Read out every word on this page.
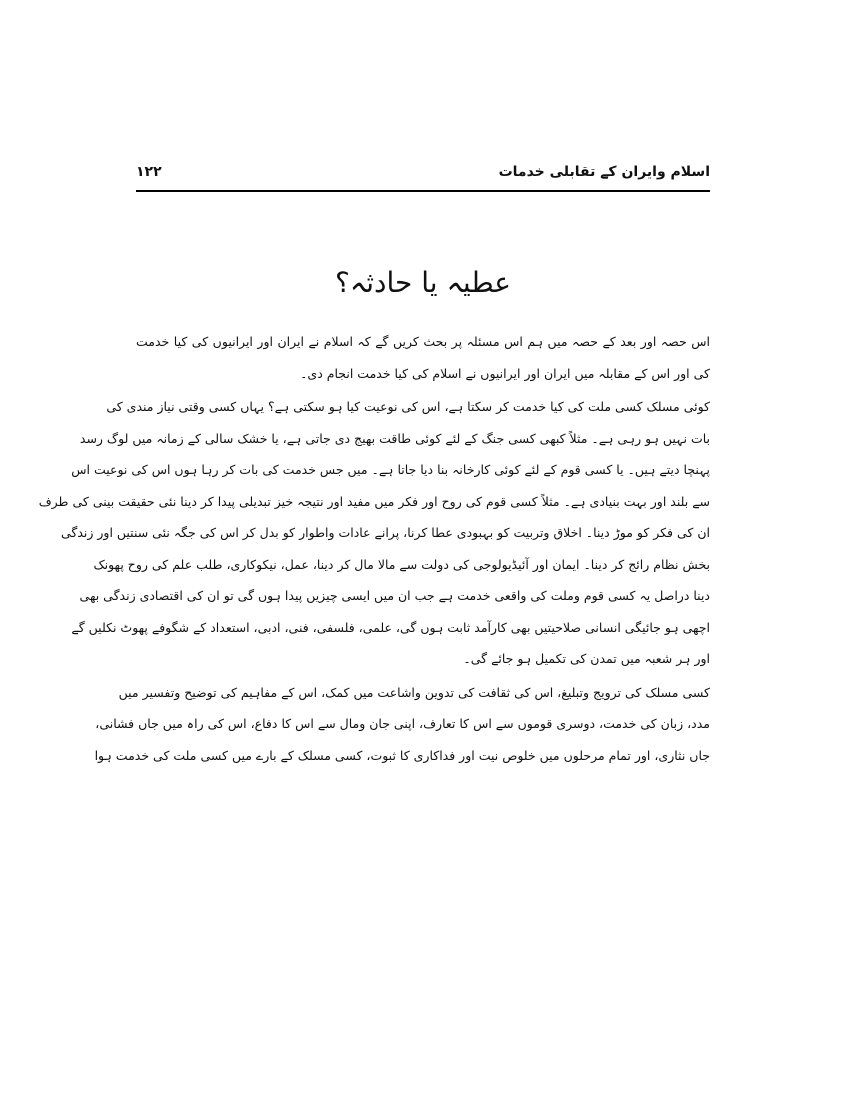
اسلام وایران کے تقابلی خدمات
۱۲۲
عطیہ یا حادثہ؟
اس حصہ اور بعد کے حصہ میں ہم اس مسئلہ پر بحث کریں گے کہ اسلام نے ایران اور ایرانیوں کی کیا خدمت
کی اور اس کے مقابلہ میں ایران اور ایرانیوں نے اسلام کی کیا خدمت انجام دی۔
کوئی مسلک کسی ملت کی کیا خدمت کر سکتا ہے، اس کی نوعیت کیا ہو سکتی ہے؟ یہاں کسی وقتی نیاز مندی کی
بات نہیں ہو رہی ہے۔ مثلاً کبھی کسی جنگ کے لئے کوئی طاقت بھیج دی جاتی ہے، یا خشک سالی کے زمانہ میں لوگ رسد
پہنچا دیتے ہیں۔ یا کسی قوم کے لئے کوئی کارخانہ بنا دیا جاتا ہے۔ میں جس خدمت کی بات کر رہا ہوں اس کی نوعیت اس
سے بلند اور بہت بنیادی ہے۔ مثلاً کسی قوم کی روح اور فکر میں مفید اور نتیجہ خیز تبدیلی پیدا کر دینا نئی حقیقت بینی کی طرف
ان کی فکر کو موڑ دینا۔ اخلاق وتربیت کو بہبودی عطا کرنا، پرانے عادات واطوار کو بدل کر اس کی جگہ نئی سنتیں اور زندگی
بخش نظام رائج کر دینا۔ ایمان اور آئیڈیولوجی کی دولت سے مالا مال کر دینا، عمل، نیکوکاری، طلب علم کی روح پھونک
دینا دراصل یہ کسی قوم وملت کی واقعی خدمت ہے جب ان میں ایسی چیزیں پیدا ہوں گی تو ان کی اقتصادی زندگی بھی
اچھی ہو جائیگی انسانی صلاحیتیں بھی کارآمد ثابت ہوں گی، علمی، فلسفی، فنی، ادبی، استعداد کے شگوفے پھوٹ نکلیں گے
اور ہر شعبہ میں تمدن کی تکمیل ہو جائے گی۔
کسی مسلک کی ترویج وتبلیغ، اس کی ثقافت کی تدوین واشاعت میں کمک، اس کے مفاہیم کی توضیح وتفسیر میں
مدد، زبان کی خدمت، دوسری قوموں سے اس کا تعارف، اپنی جان ومال سے اس کا دفاع، اس کی راہ میں جاں فشانی،
جاں نثاری، اور تمام مرحلوں میں خلوص نیت اور فداکاری کا ثبوت، کسی مسلک کے بارے میں کسی ملت کی خدمت ہوا
